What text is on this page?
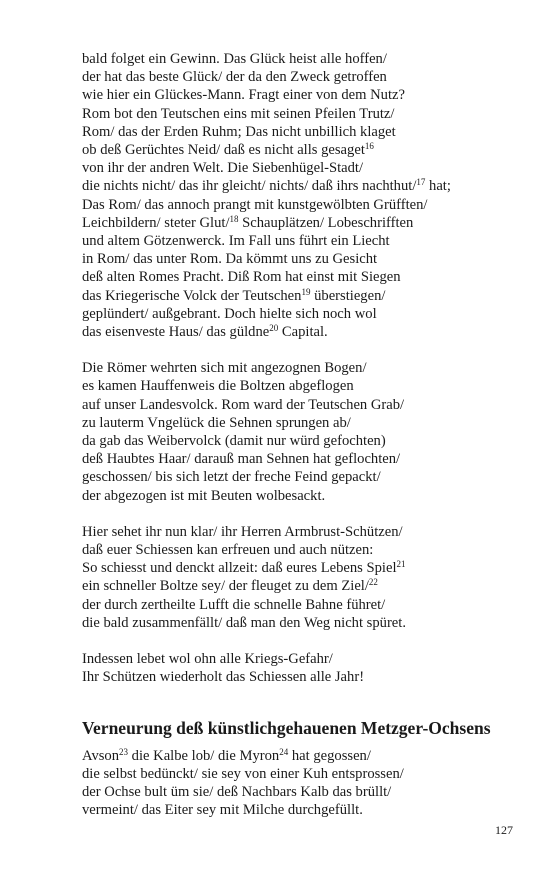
bald folget ein Gewinn. Das Glück heist alle hoffen/
der hat das beste Glück/ der da den Zweck getroffen
wie hier ein Glückes-Mann. Fragt einer von dem Nutz?
Rom bot den Teutschen eins mit seinen Pfeilen Trutz/
Rom/ das der Erden Ruhm; Das nicht unbillich klaget
ob deß Gerüchtes Neid/ daß es nicht alls gesaget$^{16}$
von ihr der andren Welt. Die Siebenhügel-Stadt/
die nichts nicht/ das ihr gleicht/ nichts/ daß ihrs nachthut/$^{17}$ hat;
Das Rom/ das annoch prangt mit kunstgewölbten Grüfften/
Leichbildern/ steter Glut/$^{18}$ Schauplätzen/ Lobeschrifften
und altem Götzenwerck. Im Fall uns führt ein Liecht
in Rom/ das unter Rom. Da kömmt uns zu Gesicht
deß alten Romes Pracht. Diß Rom hat einst mit Siegen
das Kriegerische Volck der Teutschen$^{19}$ überstiegen/
geplündert/ außgebrant. Doch hielte sich noch wol
das eisenveste Haus/ das güldne$^{20}$ Capital.
Die Römer wehrten sich mit angezognen Bogen/
es kamen Hauffenweis die Boltzen abgeflogen
auf unser Landesvolck. Rom ward der Teutschen Grab/
zu lauterm Vngelück die Sehnen sprungen ab/
da gab das Weibervolck (damit nur würd gefochten)
deß Haubtes Haar/ darauß man Sehnen hat geflochten/
geschossen/ bis sich letzt der freche Feind gepackt/
der abgezogen ist mit Beuten wolbesackt.
Hier sehet ihr nun klar/ ihr Herren Armbrust-Schützen/
daß euer Schiessen kan erfreuen und auch nützen:
So schiesst und denckt allzeit: daß eures Lebens Spiel$^{21}$
ein schneller Boltze sey/ der fleuget zu dem Ziel/$^{22}$
der durch zertheilte Lufft die schnelle Bahne führet/
die bald zusammenfällt/ daß man den Weg nicht spüret.
Indessen lebet wol ohn alle Kriegs-Gefahr/
Ihr Schützen wiederholt das Schiessen alle Jahr!
Verneurung deß künstlichgehauenen Metzger-Ochsens
Avson$^{23}$ die Kalbe lob/ die Myron$^{24}$ hat gegossen/
die selbst bedünckt/ sie sey von einer Kuh entsprossen/
der Ochse bult üm sie/ deß Nachbars Kalb das brüllt/
vermeint/ das Eiter sey mit Milche durchgefüllt.
127
